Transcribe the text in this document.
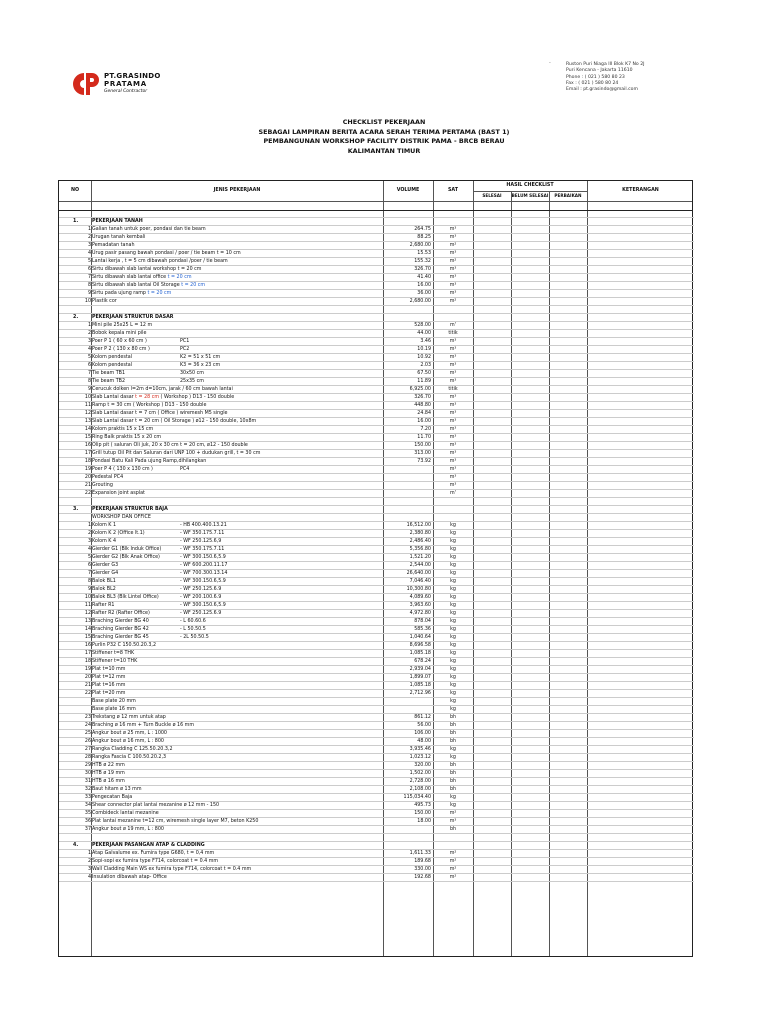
PT.GRASINDO
PRATAMA
General Contractor
.	Ruston Puri Niaga III Blok K7 No 2J
Puri Kencana - Jakarta 11610
Phone : ( 021 ) 580 80 23
Fax : ( 021 ) 580 80 24
Email : pt.grasindo@gmail.com
CHECKLIST PEKERJAAN
SEBAGAI LAMPIRAN BERITA ACARA SERAH TERIMA PERTAMA (BAST 1)
PEMBANGUNAN WORKSHOP FACILITY DISTRIK PAMA - BRCB BERAU
KALIMANTAN TIMUR
NO	JENIS PEKERJAAN	VOLUME	SAT
HASIL CHECKLIST
SELESAI	BELUM SELESAI	PERBAIKAN
KETERANGAN
1.	PEKERJAAN TANAH
1 Galian tanah untuk poer, pondasi dan tie beam	264.75	m³
2 Urugan tanah kembali	88.25	m³
3 Pemadatan tanah	2,680.00	m²
4 Urug pasir pasang bawah pondasi / poer / tie beam t = 10 cm	15.53	m³
5 Lantai kerja , t = 5 cm dibawah pondasi /poer / tie beam	155.32	m²
6 Sirtu dibawah slab lantai workshop t = 20 cm	326.70	m³
7 Sirtu dibawah slab lantai office t = 20 cm	41.40	m³
8 Sirtu dibawah slab lantai Oil Storage t = 20 cm	16.00	m³
9 Sirtu pada ujung ramp t = 20 cm	36.00	m³
10 Plastik cor	2,680.00	m²
2.	PEKERJAAN STRUKTUR DASAR
1 Mini pile 25x25 L = 12 m	528.00	m'
2 Bobok kepala mini pile	44.00	titik
3 Poer P 1 ( 60 x 60 cm )	PC1	3.46	m³
4 Poer P 2 ( 130 x 80 cm )	PC2	10.19	m³
5 Kolom pendestal	K2 = 51 x 51 cm	10.92	m³
6 Kolom pendestal	K3 = 36 x 23 cm	2.03	m³
7 Tie beam TB1	30x50 cm	67.50	m³
8 Tie beam TB2	25x35 cm	11.89	m³
9 Cerucuk dolken l=2m d=10cm, jarak / 60 cm bawah lantai	6,925.00	titik
10 Slab Lantai dasar t = 28 cm ( Workshop ) D13 - 150 double	326.70	m³
11 Ramp t = 30 cm ( Workshop ) D13 - 150 double	448.80	m³
12 Slab Lantai dasar t = 7 cm ( Office ) wiremesh M5 single	24.84	m³
13 Slab Lantai dasar t = 20 cm ( Oil Storage ) ø12 - 150 double, 10x8m	16.00	m³
14 Kolom praktis 15 x 15 cm	7.20	m³
15 Ring Balk praktis 15 x 20 cm	11.70	m³
16 Olip pit ( saluran Oli juk, 20 x 30 cm t = 20 cm, ø12 - 150 double	150.00	m³
17 Grill tutup Oil Pit dan Saluran dari UNP 100 + dudukan grill, t = 30 cm	313.00	m³
18 Pondasi Batu Kali Pada ujung Ramp,dihilangkan	73.92	m³
19 Poer P 4 ( 130 x 130 cm )	PC4	m³
20 Pedestal PC4	m³
21 Grouting	m³
22 Expansion joint asplat	m'
3.	PEKERJAAN STRUKTUR BAJA
WORKSHOP DAN OFFICE
1 Kolom K 1	- HB 400.400.13.21	16,512.00	kg
2 Kolom K 2 (Office lt.1)	- WF 350.175.7.11	2,380.80	kg
3 Kolom K 4	- WF 250.125.6,9	2,486.40	kg
4 Gierder G1 (Blk Induk Office)	- WF 350.175.7.11	5,356.80	kg
5 Gierder G2 (Blk Anak Office)	- WF 300.150.6,5.9	1,521.20	kg
6 Gierder G3	- WF 600.200.11.17	2,544.00	kg
7 Gierder G4	- WF 700.300.13.14	26,640.00	kg
8 Balok BL1	- WF 300.150.6,5.9	7,046.40	kg
9 Balok BL2	- WF 250.125.6.9	10,300.80	kg
10 Balok BL3 (Blk Lintel Office)	- WF 200.100.6.9	4,089.60	kg
11 Rafter R1	- WF 300.150.6,5.9	3,963.60	kg
12 Rafter R2 (Rafter Office)	- WF 250.125.6.9	4,972.80	kg
13 Braching Gierder BG 40	- L 60.60.6	878.04	kg
14 Braching Gierder BG 42	- L 50.50.5	585.36	kg
15 Braching Gierder BG 45	- 2L 50.50.5	1,040.64	kg
16 Purlin P32 C 150.50.20.3,2	8,696.58	kg
17 Stiffener t=8 THK	1,085.18	kg
18 Stiffener t=10 THK	678.24	kg
19 Plat t=10 mm	2,939.04	kg
20 Plat t=12 mm	1,899.07	kg
21 Plat t=16 mm	1,085.18	kg
22 Plat t=20 mm	2,712.96	kg
Base plate 20 mm	kg
Base plate 16 mm	kg
23 Trekstang ø 12 mm untuk atap	861.12	bh
24 Braching ø 16 mm + Turn Buckle ø 16 mm	56.00	bh
25 Angkur bout ø 25 mm, L : 1000	106.00	bh
26 Angkur bout ø 16 mm, L : 800	48.00	bh
27 Rangka Cladding C 125.50.20.3,2	3,935.46	kg
28 Rangka Fascia C 100.50.20.2,3	1,023.12	kg
29 HTB ø 22 mm	320.00	bh
30 HTB ø 19 mm	1,502.00	bh
31 HTB ø 16 mm	2,728.00	bh
32 Baut hitam ø 13 mm	2,108.00	bh
33 Pengecatan Baja	115,034.40	kg
34 Shear connector plat lantai mezanine ø 12 mm - 150	495.73	kg
35 Combideck lantai mezanine	150.00	m²
36 Plat lantai mezanine t=12 cm, wiremesh single layer M7, beton K250	18.00	m³
37 Angkur bout ø 19 mm, L : 800	bh
4.	PEKERJAAN PASANGAN ATAP & CLADDING
1 Atap Galvalume ex. Fumira type G680, t = 0,4 mm	1,611.33	m²
2 Sopi-sopi ex fumira type F714, colorcoat t = 0.4 mm	189.68	m²
3 Wall Cladding Main WS ex fumira type F714, colorcoat t = 0.4 mm	330.00	m²
4 Insulation dibawah atap- Office	192.68	m²
